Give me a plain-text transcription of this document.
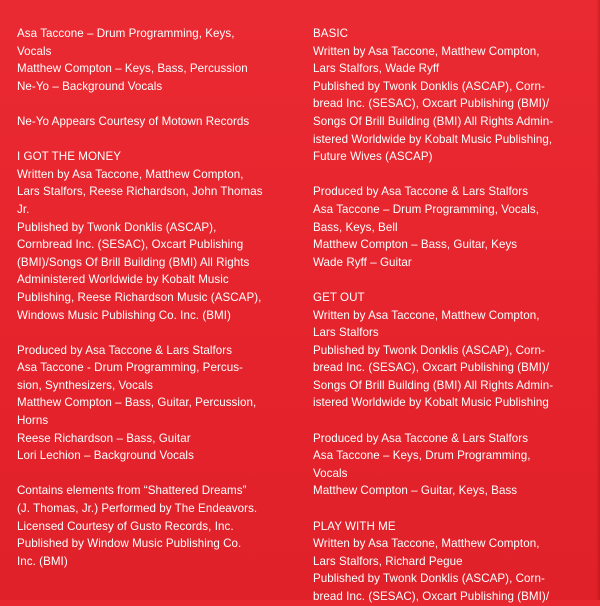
Asa Taccone – Drum Programming, Keys,
Vocals
Matthew Compton – Keys, Bass, Percussion
Ne-Yo – Background Vocals
Ne-Yo Appears Courtesy of Motown Records
I GOT THE MONEY
Written by Asa Taccone, Matthew Compton,
Lars Stalfors, Reese Richardson, John Thomas
Jr.
Published by Twonk Donklis (ASCAP),
Cornbread Inc. (SESAC), Oxcart Publishing
(BMI)/Songs Of Brill Building (BMI) All Rights
Administered Worldwide by Kobalt Music
Publishing, Reese Richardson Music (ASCAP),
Windows Music Publishing Co. Inc. (BMI)
Produced by Asa Taccone & Lars Stalfors
Asa Taccone - Drum Programming, Percus-
sion, Synthesizers, Vocals
Matthew Compton – Bass, Guitar, Percussion,
Horns
Reese Richardson – Bass, Guitar
Lori Lechion – Background Vocals
Contains elements from “Shattered Dreams”
(J. Thomas, Jr.) Performed by The Endeavors.
Licensed Courtesy of Gusto Records, Inc.
Published by Window Music Publishing Co.
Inc. (BMI)
BASIC
Written by Asa Taccone, Matthew Compton,
Lars Stalfors, Wade Ryff
Published by Twonk Donklis (ASCAP), Corn-
bread Inc. (SESAC), Oxcart Publishing (BMI)/
Songs Of Brill Building (BMI) All Rights Admin-
istered Worldwide by Kobalt Music Publishing,
Future Wives (ASCAP)
Produced by Asa Taccone & Lars Stalfors
Asa Taccone – Drum Programming, Vocals,
Bass, Keys, Bell
Matthew Compton – Bass, Guitar, Keys
Wade Ryff – Guitar
GET OUT
Written by Asa Taccone, Matthew Compton,
Lars Stalfors
Published by Twonk Donklis (ASCAP), Corn-
bread Inc. (SESAC), Oxcart Publishing (BMI)/
Songs Of Brill Building (BMI) All Rights Admin-
istered Worldwide by Kobalt Music Publishing
Produced by Asa Taccone & Lars Stalfors
Asa Taccone – Keys, Drum Programming,
Vocals
Matthew Compton – Guitar, Keys, Bass
PLAY WITH ME
Written by Asa Taccone, Matthew Compton,
Lars Stalfors, Richard Pegue
Published by Twonk Donklis (ASCAP), Corn-
bread Inc. (SESAC), Oxcart Publishing (BMI)/
